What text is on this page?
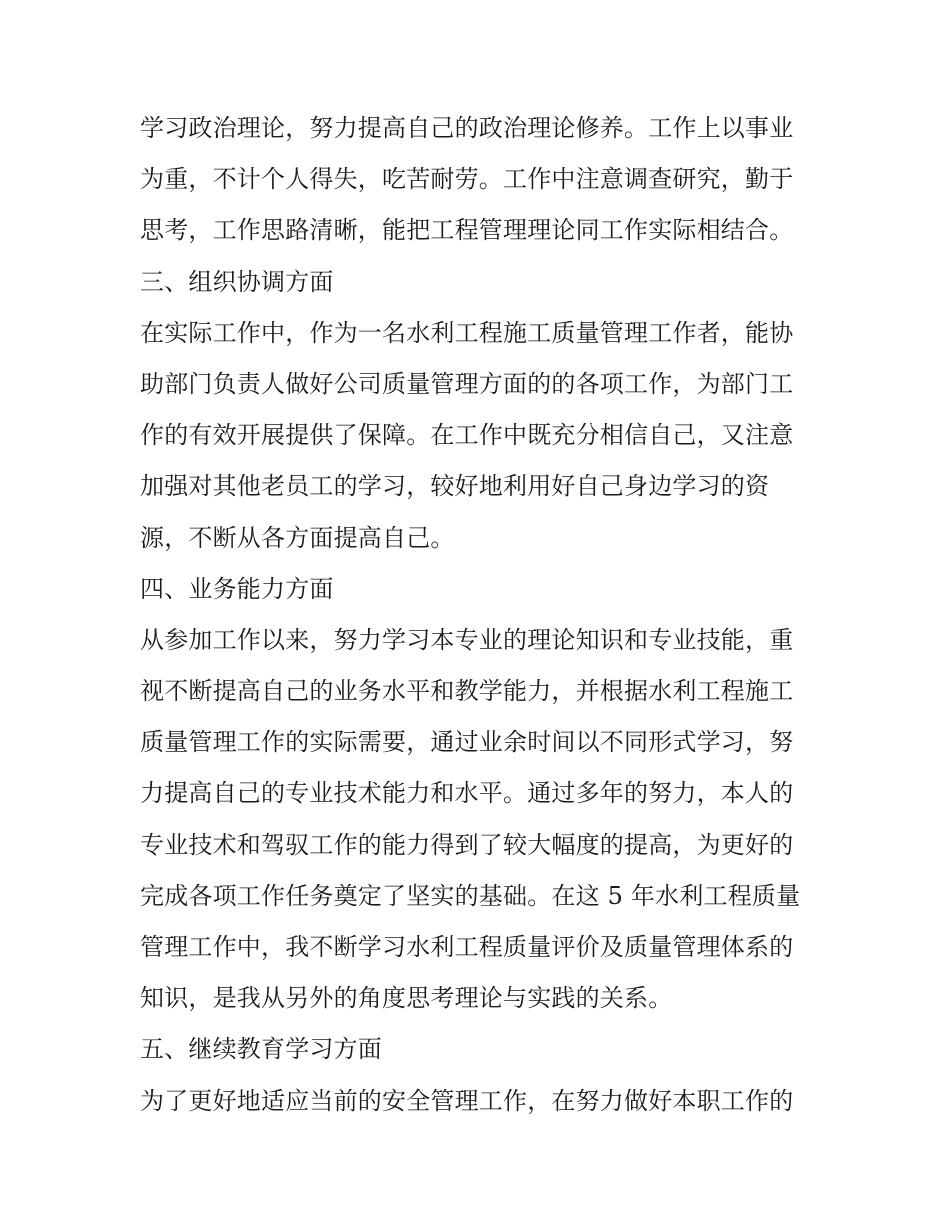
学习政治理论，努力提高自己的政治理论修养。工作上以事业
为重，不计个人得失，吃苦耐劳。工作中注意调查研究，勤于
思考，工作思路清晰，能把工程管理理论同工作实际相结合。
三、组织协调方面
在实际工作中，作为一名水利工程施工质量管理工作者，能协
助部门负责人做好公司质量管理方面的的各项工作，为部门工
作的有效开展提供了保障。在工作中既充分相信自己，又注意
加强对其他老员工的学习，较好地利用好自己身边学习的资
源，不断从各方面提高自己。
四、业务能力方面
从参加工作以来，努力学习本专业的理论知识和专业技能，重
视不断提高自己的业务水平和教学能力，并根据水利工程施工
质量管理工作的实际需要，通过业余时间以不同形式学习，努
力提高自己的专业技术能力和水平。通过多年的努力，本人的
专业技术和驾驭工作的能力得到了较大幅度的提高，为更好的
完成各项工作任务奠定了坚实的基础。在这 5 年水利工程质量
管理工作中，我不断学习水利工程质量评价及质量管理体系的
知识，是我从另外的角度思考理论与实践的关系。
五、继续教育学习方面
为了更好地适应当前的安全管理工作，在努力做好本职工作的
